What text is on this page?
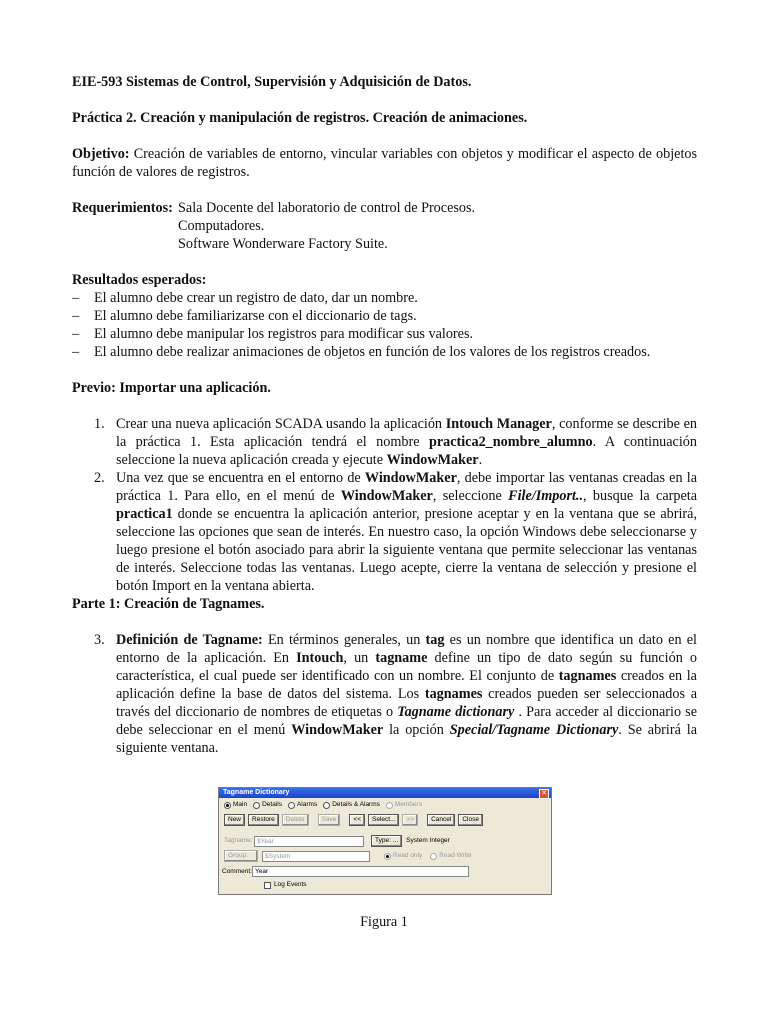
EIE-593 Sistemas de Control, Supervisión y Adquisición de Datos.

Práctica 2. Creación y manipulación de registros. Creación de animaciones.

Objetivo: Creación de variables de entorno, vincular variables con objetos y modificar el aspecto de objetos función de valores de registros.

Requerimientos: Sala Docente del laboratorio de control de Procesos.
Computadores.
Software Wonderware Factory Suite.
Resultados esperados:
–	El alumno debe crear un registro de dato, dar un nombre.
–	El alumno debe familiarizarse con el diccionario de tags.
–	El alumno debe manipular los registros para modificar sus valores.
–	El alumno debe realizar animaciones de objetos en función de los valores de los registros creados.

Previo: Importar una aplicación.

1. Crear una nueva aplicación SCADA usando la aplicación Intouch Manager, conforme se describe en la práctica 1. Esta aplicación tendrá el nombre practica2_nombre_alumno. A continuación seleccione la nueva aplicación creada y ejecute WindowMaker.
2. Una vez que se encuentra en el entorno de WindowMaker, debe importar las ventanas creadas en la práctica 1. Para ello, en el menú de WindowMaker, seleccione File/Import.., busque la carpeta practica1 donde se encuentra la aplicación anterior, presione aceptar y en la ventana que se abrirá, seleccione las opciones que sean de interés. En nuestro caso, la opción Windows debe seleccionarse y luego presione el botón asociado para abrir la siguiente ventana que permite seleccionar las ventanas de interés. Seleccione todas las ventanas. Luego acepte, cierre la ventana de selección y presione el botón Import en la ventana abierta.

Parte 1: Creación de Tagnames.

3. Definición de Tagname: En términos generales, un tag es un nombre que identifica un dato en el entorno de la aplicación. En Intouch, un tagname define un tipo de dato según su función o característica, el cual puede ser identificado con un nombre. El conjunto de tagnames creados en la aplicación define la base de datos del sistema. Los tagnames creados pueden ser seleccionados a través del diccionario de nombres de etiquetas o Tagname dictionary . Para acceder al diccionario se debe seleccionar en el menú WindowMaker la opción Special/Tagname Dictionary. Se abrirá la siguiente ventana.
Tagname Dictionary	✕
Main Details Alarms Details & Alarms Members
New	Restore	Delete	Save	<<	Select...	>>	Cancel	Close
Tagname: $Year	Type: ...	System Integer
Group: ...
$System	Read only	Read Write
Comment: Year
Log Events
Figura 1
